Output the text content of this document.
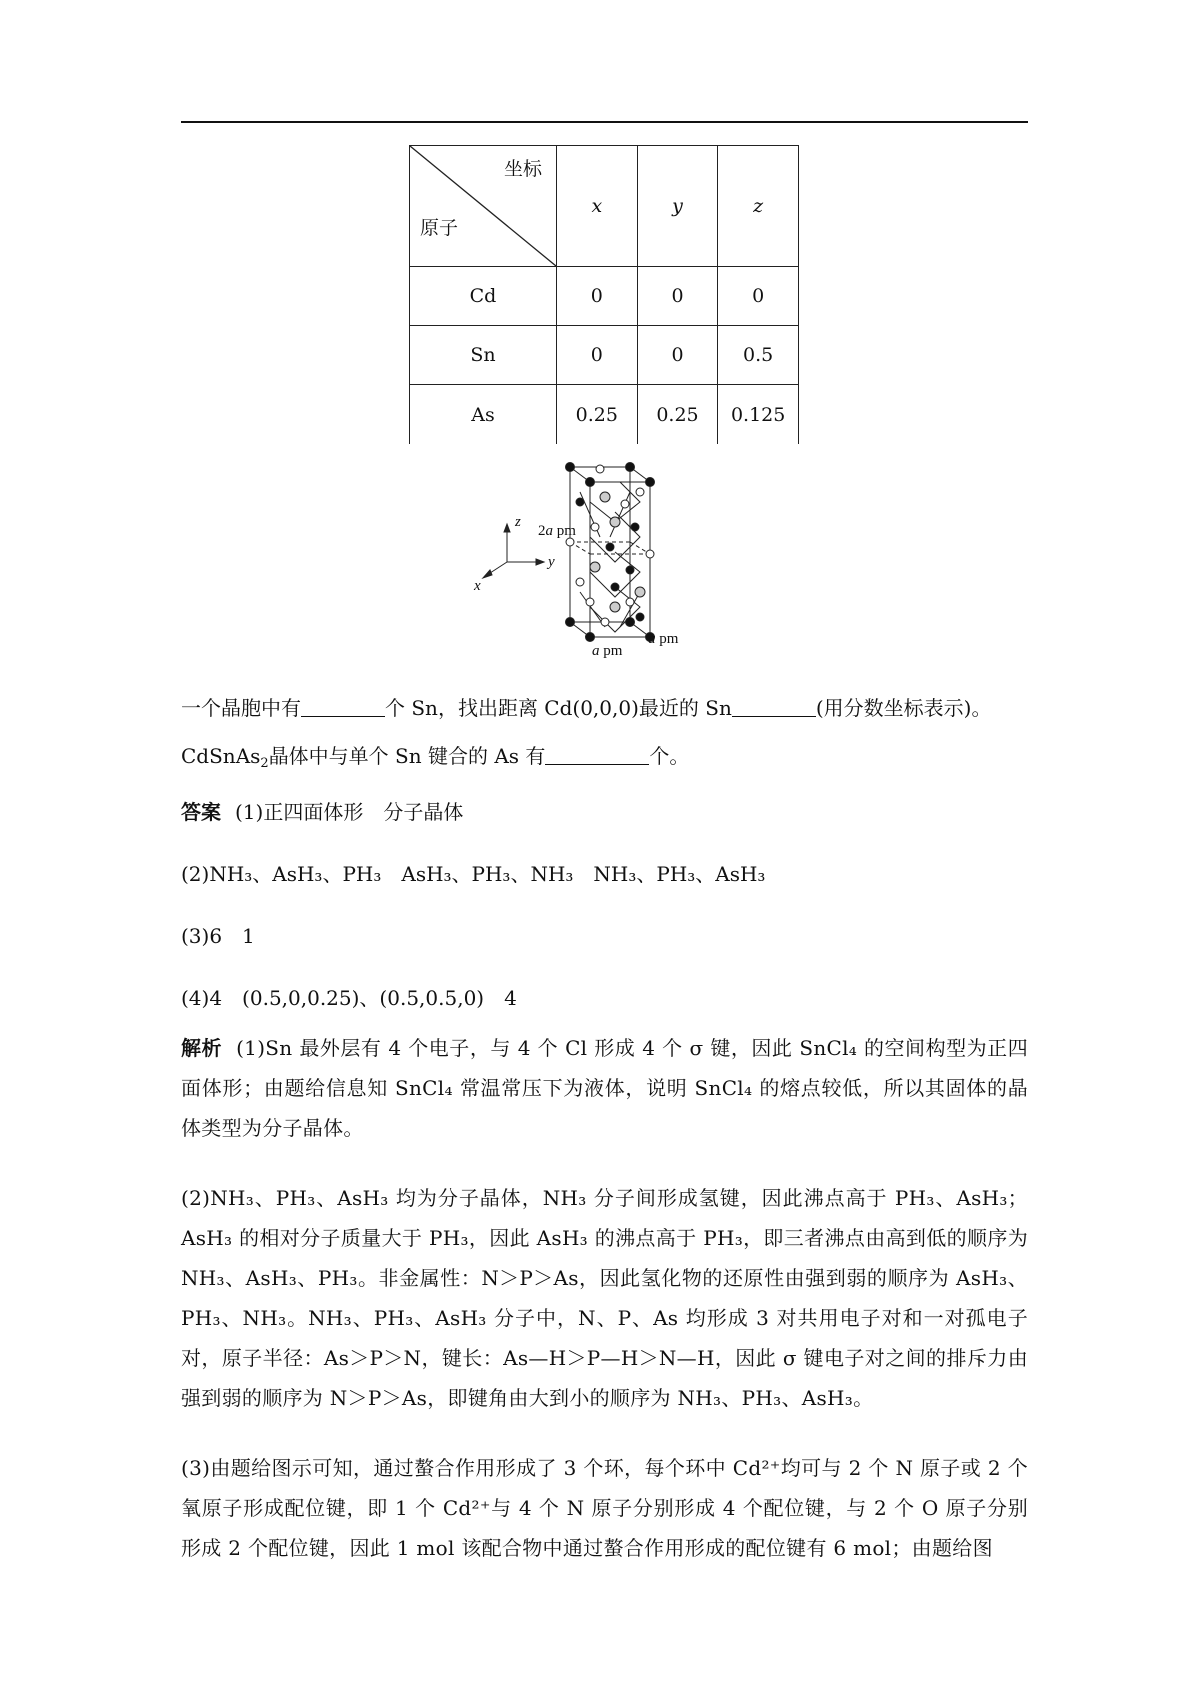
坐标
原子	x	y	z
Cd	0	0	0
Sn	0	0	0.5
As	0.25	0.25	0.125
2a pm
a pm
a pm
z
y
x
一个晶胞中有	个 Sn，找出距离 Cd(0,0,0)最近的 Sn	(用分数坐标表示)。
CdSnAs$_2$晶体中与单个 Sn 键合的 As 有	个。
答案 (1)正四面体形　分子晶体
(2)NH₃、AsH₃、PH₃　AsH₃、PH₃、NH₃　NH₃、PH₃、AsH₃
(3)6　1
(4)4　(0.5,0,0.25)、(0.5,0.5,0)　4
解析 (1)Sn 最外层有 4 个电子，与 4 个 Cl 形成 4 个 σ 键，因此 SnCl₄ 的空间构型为正四面体形；由题给信息知 SnCl₄ 常温常压下为液体，说明 SnCl₄ 的熔点较低，所以其固体的晶体类型为分子晶体。
(2)NH₃、PH₃、AsH₃ 均为分子晶体，NH₃ 分子间形成氢键，因此沸点高于 PH₃、AsH₃；AsH₃ 的相对分子质量大于 PH₃，因此 AsH₃ 的沸点高于 PH₃，即三者沸点由高到低的顺序为 NH₃、AsH₃、PH₃。非金属性：N＞P＞As，因此氢化物的还原性由强到弱的顺序为 AsH₃、PH₃、NH₃。NH₃、PH₃、AsH₃ 分子中，N、P、As 均形成 3 对共用电子对和一对孤电子对，原子半径：As＞P＞N，键长：As—H＞P—H＞N—H，因此 σ 键电子对之间的排斥力由强到弱的顺序为 N＞P＞As，即键角由大到小的顺序为 NH₃、PH₃、AsH₃。
(3)由题给图示可知，通过螯合作用形成了 3 个环，每个环中 Cd²⁺均可与 2 个 N 原子或 2 个氧原子形成配位键，即 1 个 Cd²⁺与 4 个 N 原子分别形成 4 个配位键，与 2 个 O 原子分别形成 2 个配位键，因此 1 mol 该配合物中通过螯合作用形成的配位键有 6 mol；由题给图
